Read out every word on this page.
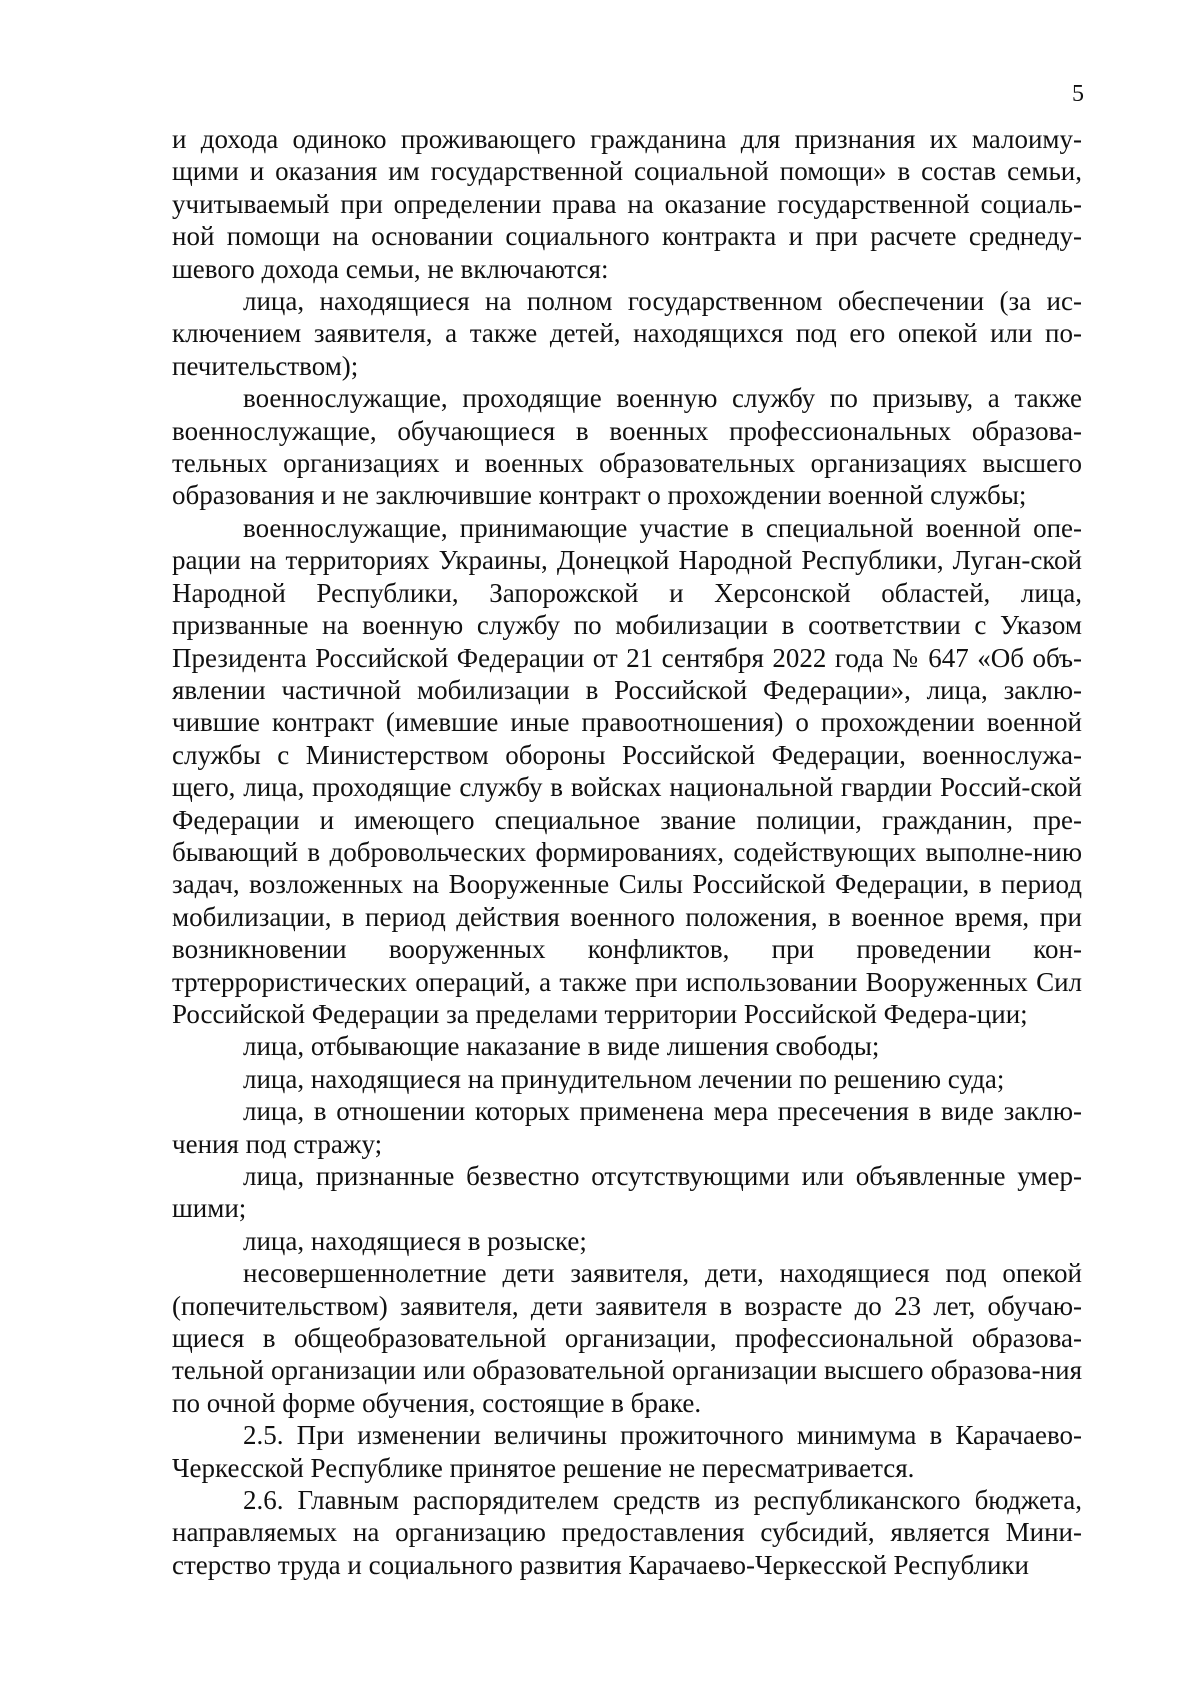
5

и дохода одиноко проживающего гражданина для признания их малоиму-щими и оказания им государственной социальной помощи» в состав семьи, учитываемый при определении права на оказание государственной социаль-ной помощи на основании социального контракта и при расчете среднеду-шевого дохода семьи, не включаются:

лица, находящиеся на полном государственном обеспечении (за ис-ключением заявителя, а также детей, находящихся под его опекой или по-печительством);

военнослужащие, проходящие военную службу по призыву, а также военнослужащие, обучающиеся в военных профессиональных образова-тельных организациях и военных образовательных организациях высшего образования и не заключившие контракт о прохождении военной службы;

военнослужащие, принимающие участие в специальной военной опе-рации на территориях Украины, Донецкой Народной Республики, Луган-ской Народной Республики, Запорожской и Херсонской областей, лица, призванные на военную службу по мобилизации в соответствии с Указом Президента Российской Федерации от 21 сентября 2022 года № 647 «Об объ-явлении частичной мобилизации в Российской Федерации», лица, заклю-чившие контракт (имевшие иные правоотношения) о прохождении военной службы с Министерством обороны Российской Федерации, военнослужа-щего, лица, проходящие службу в войсках национальной гвардии Россий-ской Федерации и имеющего специальное звание полиции, гражданин, пре-бывающий в добровольческих формированиях, содействующих выполне-нию задач, возложенных на Вооруженные Силы Российской Федерации, в период мобилизации, в период действия военного положения, в военное время, при возникновении вооруженных конфликтов, при проведении кон-тртеррористических операций, а также при использовании Вооруженных Сил Российской Федерации за пределами территории Российской Федера-ции;

лица, отбывающие наказание в виде лишения свободы;

лица, находящиеся на принудительном лечении по решению суда;

лица, в отношении которых применена мера пресечения в виде заклю-чения под стражу;

лица, признанные безвестно отсутствующими или объявленные умер-шими;

лица, находящиеся в розыске;

несовершеннолетние дети заявителя, дети, находящиеся под опекой (попечительством) заявителя, дети заявителя в возрасте до 23 лет, обучаю-щиеся в общеобразовательной организации, профессиональной образова-тельной организации или образовательной организации высшего образова-ния по очной форме обучения, состоящие в браке.

2.5. При изменении величины прожиточного минимума в Карачаево-Черкесской Республике принятое решение не пересматривается.

2.6. Главным распорядителем средств из республиканского бюджета, направляемых на организацию предоставления субсидий, является Мини-стерство труда и социального развития Карачаево-Черкесской Республики
